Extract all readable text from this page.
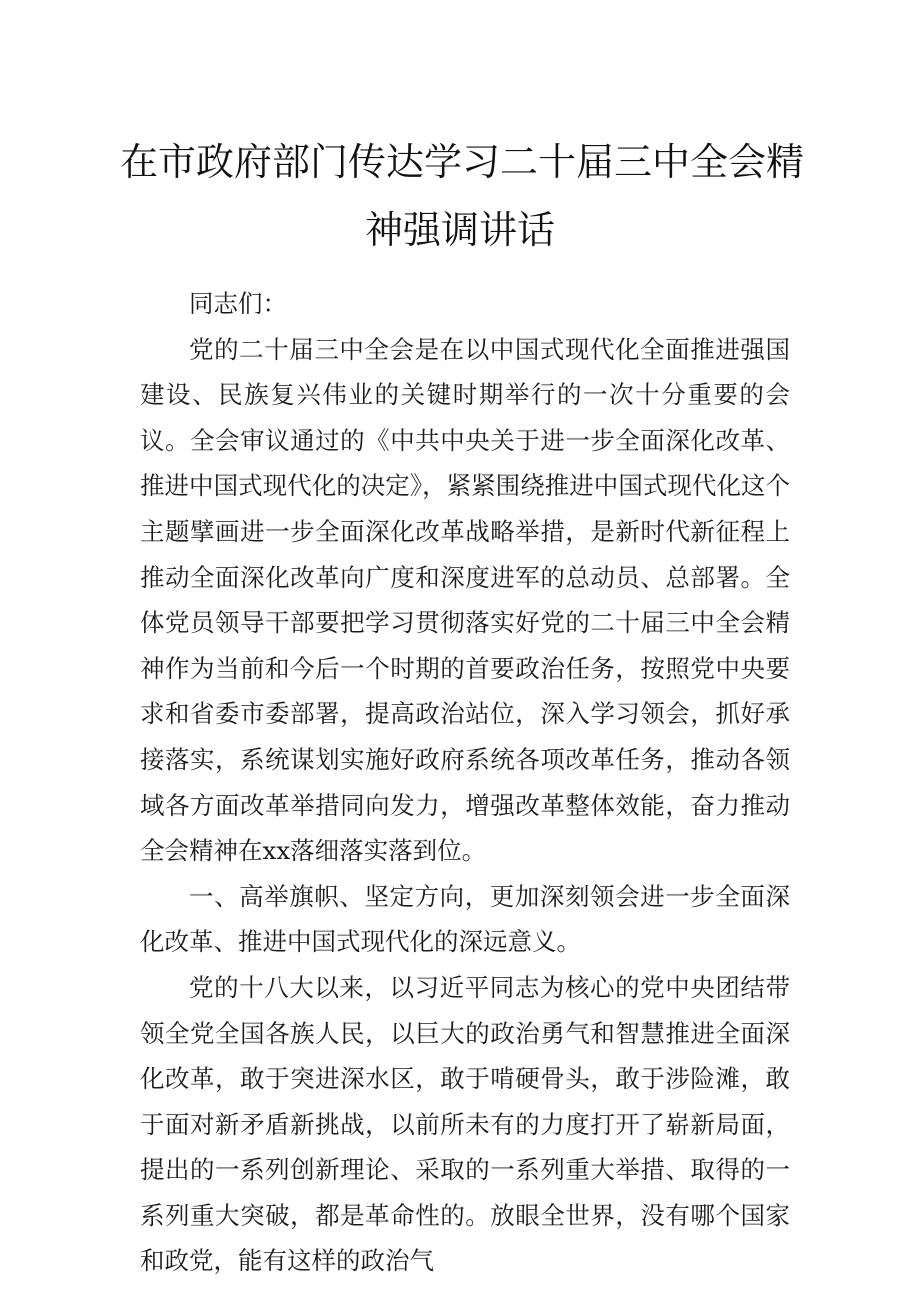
在市政府部门传达学习二十届三中全会精
神强调讲话

同志们：

党的二十届三中全会是在以中国式现代化全面推进强国建设、民族复兴伟业的关键时期举行的一次十分重要的会议。全会审议通过的《中共中央关于进一步全面深化改革、推进中国式现代化的决定》，紧紧围绕推进中国式现代化这个主题擘画进一步全面深化改革战略举措，是新时代新征程上推动全面深化改革向广度和深度进军的总动员、总部署。全体党员领导干部要把学习贯彻落实好党的二十届三中全会精神作为当前和今后一个时期的首要政治任务，按照党中央要求和省委市委部署，提高政治站位，深入学习领会，抓好承接落实，系统谋划实施好政府系统各项改革任务，推动各领域各方面改革举措同向发力，增强改革整体效能，奋力推动全会精神在xx落细落实落到位。

一、高举旗帜、坚定方向，更加深刻领会进一步全面深化改革、推进中国式现代化的深远意义。

党的十八大以来，以习近平同志为核心的党中央团结带领全党全国各族人民，以巨大的政治勇气和智慧推进全面深化改革，敢于突进深水区，敢于啃硬骨头，敢于涉险滩，敢于面对新矛盾新挑战，以前所未有的力度打开了崭新局面，提出的一系列创新理论、采取的一系列重大举措、取得的一系列重大突破，都是革命性的。放眼全世界，没有哪个国家和政党，能有这样的政治气
